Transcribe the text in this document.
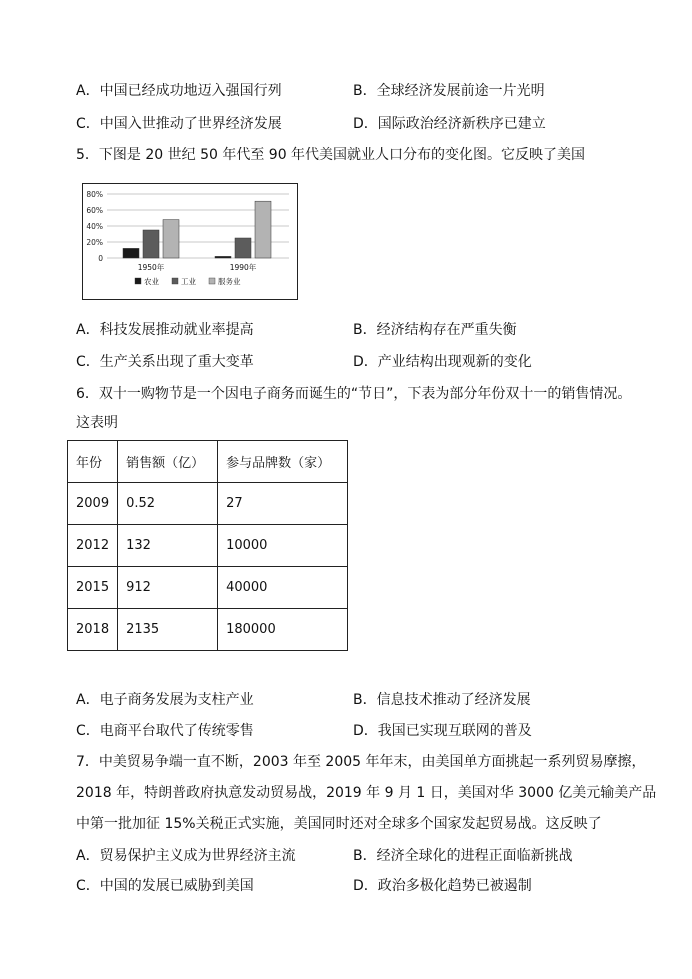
A．中国已经成功地迈入强国行列	B．全球经济发展前途一片光明
C．中国入世推动了世界经济发展	D．国际政治经济新秩序已建立
5．下图是 20 世纪 50 年代至 90 年代美国就业人口分布的变化图。它反映了美国
80%
60%
40%
20%
0
1950年	1990年
农业	工业	服务业
A．科技发展推动就业率提高	B．经济结构存在严重失衡
C．生产关系出现了重大变革	D．产业结构出现观新的变化
6．双十一购物节是一个因电子商务而诞生的“节日”，下表为部分年份双十一的销售情况。
这表明
年份	销售额（亿）	参与品牌数（家）
2009	0.52	27
2012	132	10000
2015	912	40000
2018	2135	180000
A．电子商务发展为支柱产业	B．信息技术推动了经济发展
C．电商平台取代了传统零售	D．我国已实现互联网的普及
7．中美贸易争端一直不断，2003 年至 2005 年年末，由美国单方面挑起一系列贸易摩擦，
2018 年，特朗普政府执意发动贸易战，2019 年 9 月 1 日，美国对华 3000 亿美元输美产品
中第一批加征 15%关税正式实施，美国同时还对全球多个国家发起贸易战。这反映了
A．贸易保护主义成为世界经济主流	B．经济全球化的进程正面临新挑战
C．中国的发展已威胁到美国	D．政治多极化趋势已被遏制
